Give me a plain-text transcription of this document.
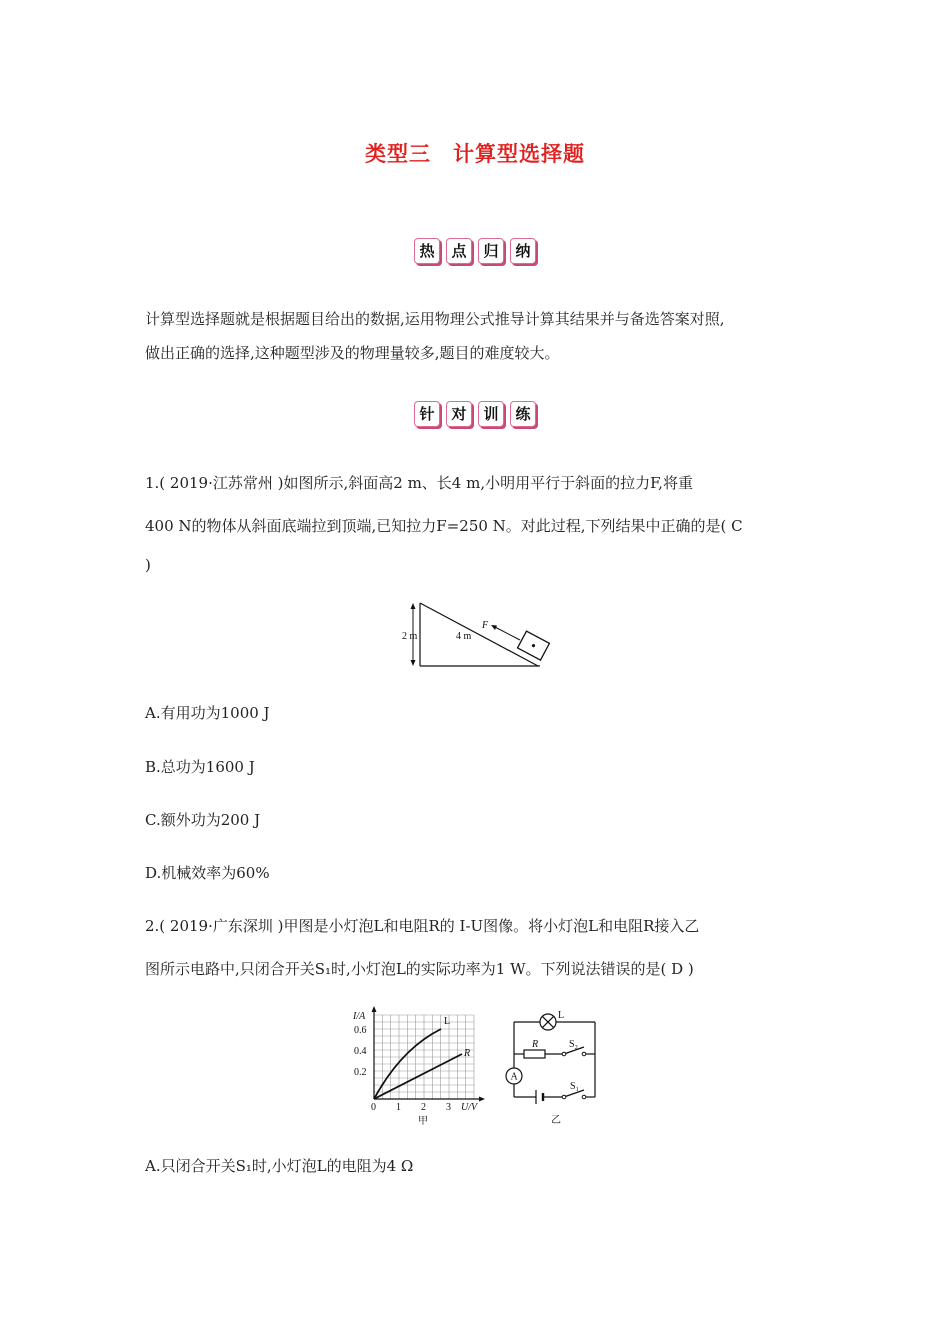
类型三 计算型选择题
热 点 归 纳
计算型选择题就是根据题目给出的数据,运用物理公式推导计算其结果并与备选答案对照,
做出正确的选择,这种题型涉及的物理量较多,题目的难度较大。
针 对 训 练
1.( 2019·江苏常州 )如图所示,斜面高2 m、长4 m,小明用平行于斜面的拉力F,将重
400 N的物体从斜面底端拉到顶端,已知拉力F=250 N。对此过程,下列结果中正确的是( C
)
2 m	4 m
F
A.有用功为1000 J
B.总功为1600 J
C.额外功为200 J
D.机械效率为60%
2.( 2019·广东深圳 )甲图是小灯泡L和电阻R的 I-U图像。将小灯泡L和电阻R接入乙
图所示电路中,只闭合开关S₁时,小灯泡L的实际功率为1 W。下列说法错误的是( D )
L
R
I/A
0.6
0.4
0.2
0 1 2 3 U/V
甲
L
R	S₂
S₁
A
乙
A.只闭合开关S₁时,小灯泡L的电阻为4 Ω
